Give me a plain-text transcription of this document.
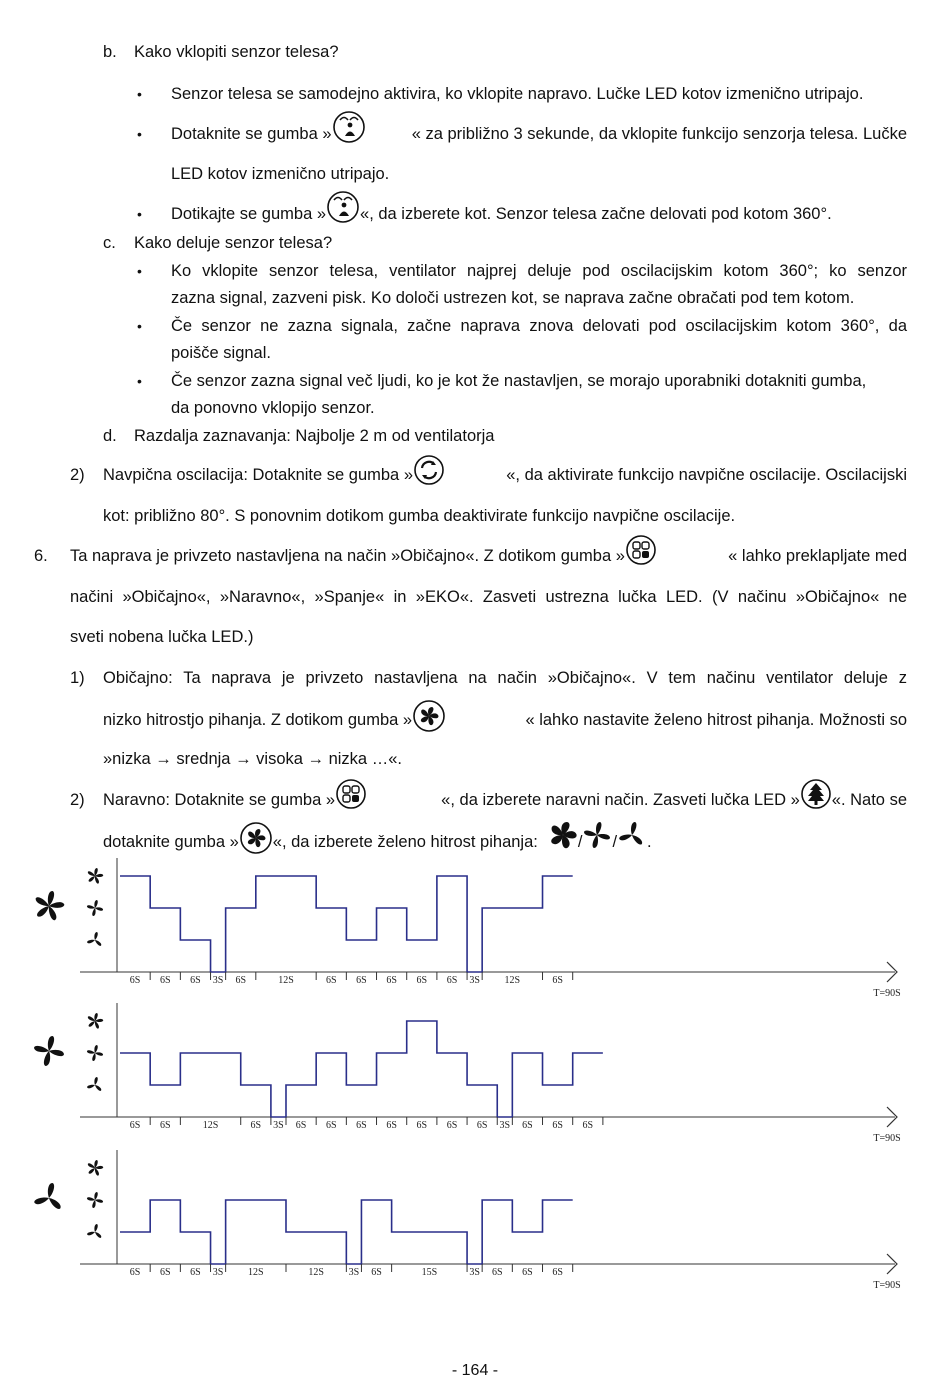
b. Kako vklopiti senzor telesa?
• Senzor telesa se samodejno aktivira, ko vklopite napravo. Lučke LED kotov izmenično utripajo.
• Dotaknite se gumba »	« za približno 3 sekunde, da vklopite funkcijo senzorja telesa. Lučke
LED kotov izmenično utripajo.
• Dotikajte se gumba » «, da izberete kot. Senzor telesa začne delovati pod kotom 360°.
c. Kako deluje senzor telesa?
• Ko vklopite senzor telesa, ventilator najprej deluje pod oscilacijskim kotom 360°; ko senzor
zazna signal, zazveni pisk. Ko določi ustrezen kot, se naprava začne obračati pod tem kotom.
• Če senzor ne zazna signala, začne naprava znova delovati pod oscilacijskim kotom 360°, da
poišče signal.
• Če senzor zazna signal več ljudi, ko je kot že nastavljen, se morajo uporabniki dotakniti gumba,
da ponovno vklopijo senzor.
d. Razdalja zaznavanja: Najbolje 2 m od ventilatorja
2) Navpična oscilacija: Dotaknite se gumba »	«, da aktivirate funkcijo navpične oscilacije. Oscilacijski
kot: približno 80°. S ponovnim dotikom gumba deaktivirate funkcijo navpične oscilacije.
6. Ta naprava je privzeto nastavljena na način »Običajno«. Z dotikom gumba »	« lahko preklapljate med
načini »Običajno«, »Naravno«, »Spanje« in »EKO«. Zasveti ustrezna lučka LED. (V načinu »Običajno« ne
sveti nobena lučka LED.)
1) Običajno: Ta naprava je privzeto nastavljena na način »Običajno«. V tem načinu ventilator deluje z
nizko hitrostjo pihanja. Z dotikom gumba »	« lahko nastavite želeno hitrost pihanja. Možnosti so
»nizka → srednja → visoka → nizka …«.
2) Naravno: Dotaknite se gumba »	«, da izberete naravni način. Zasveti lučka LED » «. Nato se
dotaknite gumba » «, da izberete želeno hitrost pihanja: / / .
6S 6S 6S 3S 6S	12S	6S 6S 6S 6S 6S 3S 12S	6S
T=90S
6S 6S	12S	6S 3S 6S 6S 6S 6S 6S 6S 6S 3S 6S 6S 6S
T=90S
6S 6S 6S 3S 12S	12S 3S 6S	15S	3S 6S 6S 6S
T=90S
- 164 -
